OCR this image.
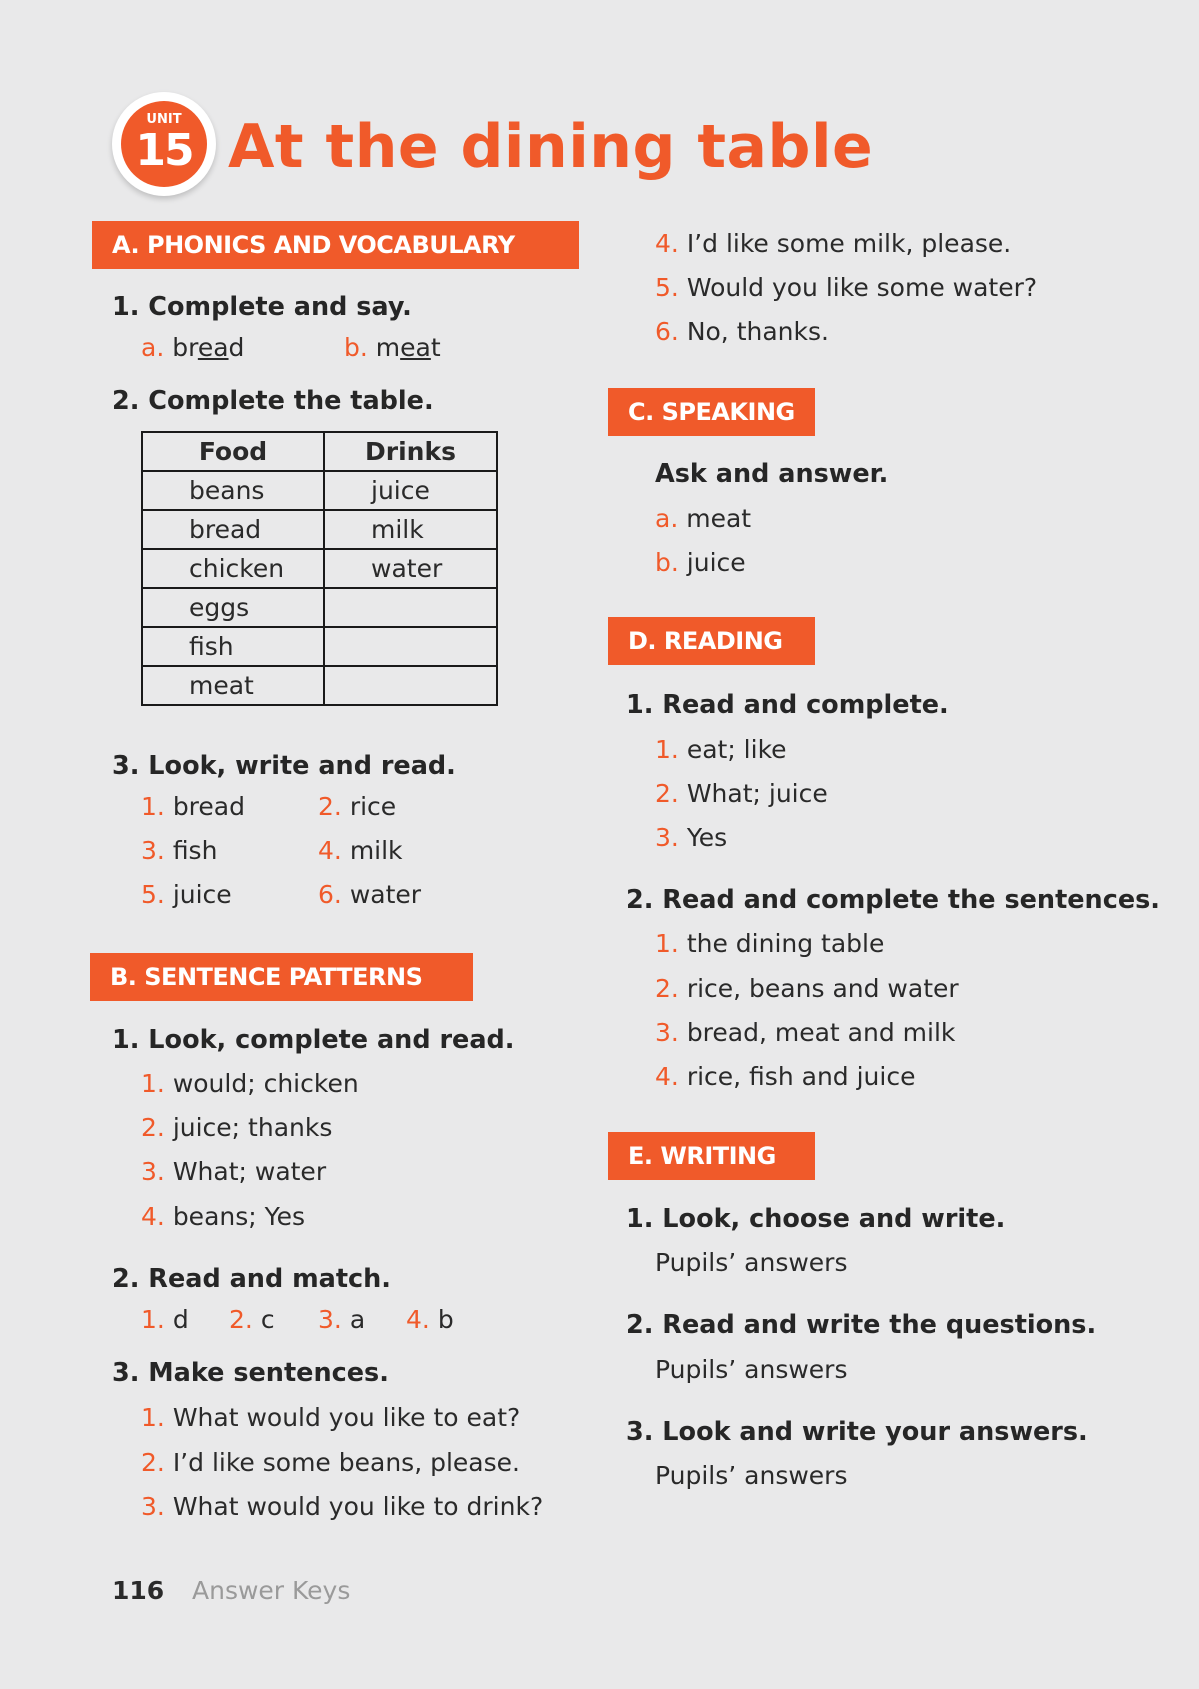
UNIT
15 At the dining table
A. PHONICS AND VOCABULARY
1. Complete and say.
a. bread	b. meat
2. Complete the table.
Food	Drinks
beans	juice
bread	milk
chicken	water
eggs	
fish	
meat	
3. Look, write and read.
1. bread	2. rice
3. fish	4. milk
5. juice	6. water
B. SENTENCE PATTERNS
1. Look, complete and read.
1. would; chicken
2. juice; thanks
3. What; water
4. beans; Yes
2. Read and match.
1. d 2. c 3. a 4. b
3. Make sentences.
1. What would you like to eat?
2. I’d like some beans, please.
3. What would you like to drink?
4. I’d like some milk, please.
5. Would you like some water?
6. No, thanks.
C. SPEAKING
Ask and answer.
a. meat
b. juice
D. READING
1. Read and complete.
1. eat; like
2. What; juice
3. Yes
2. Read and complete the sentences.
1. the dining table
2. rice, beans and water
3. bread, meat and milk
4. rice, fish and juice
E. WRITING
1. Look, choose and write.
Pupils’ answers
2. Read and write the questions.
Pupils’ answers
3. Look and write your answers.
Pupils’ answers
116 Answer Keys
